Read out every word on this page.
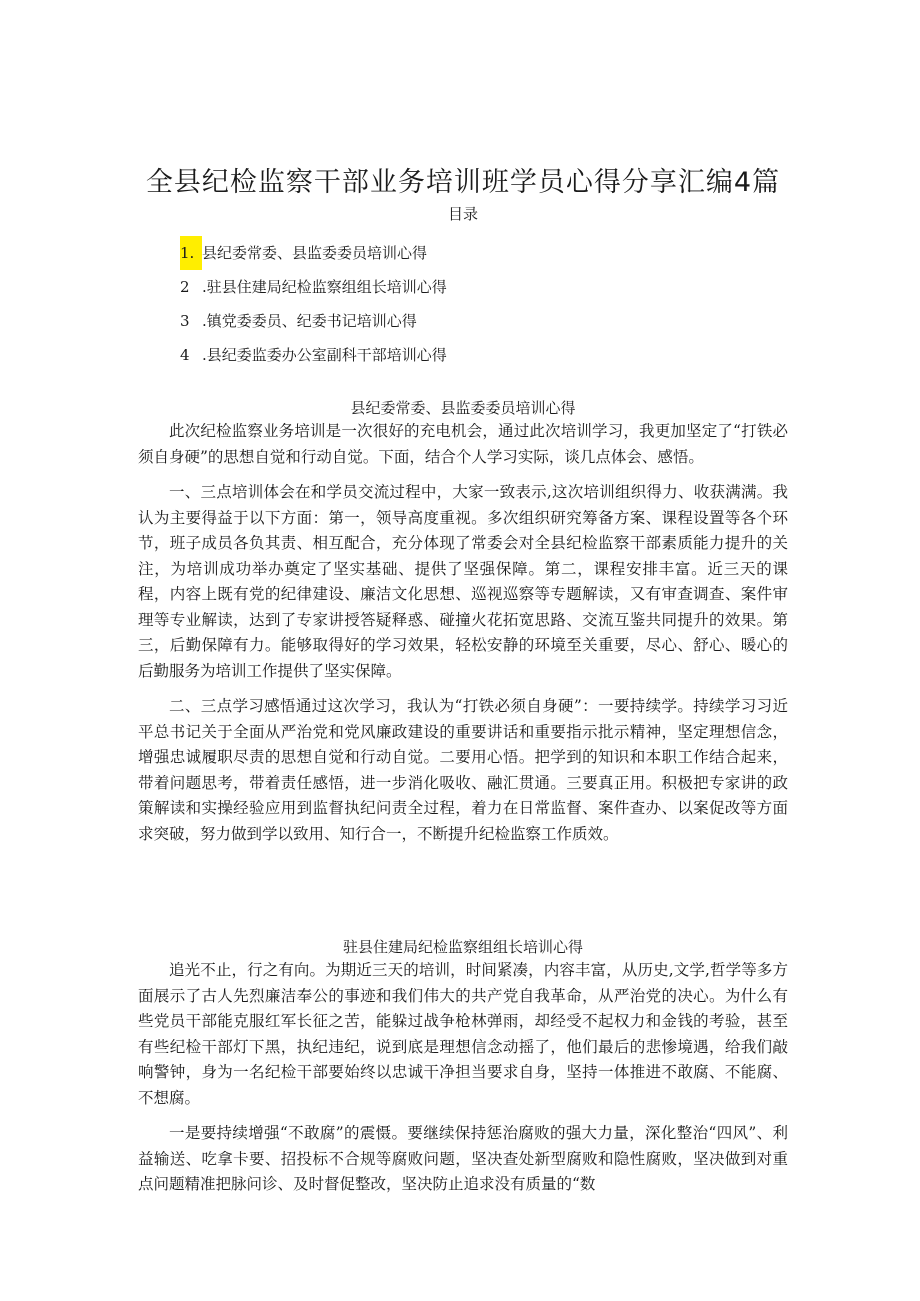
全县纪检监察干部业务培训班学员心得分享汇编4篇
目录
1. 县纪委常委、县监委委员培训心得
2 .驻县住建局纪检监察组组长培训心得
3 .镇党委委员、纪委书记培训心得
4 .县纪委监委办公室副科干部培训心得
县纪委常委、县监委委员培训心得

此次纪检监察业务培训是一次很好的充电机会，通过此次培训学习，我更加坚定了“打铁必须自身硬”的思想自觉和行动自觉。下面，结合个人学习实际，谈几点体会、感悟。

一、三点培训体会在和学员交流过程中，大家一致表示,这次培训组织得力、收获满满。我认为主要得益于以下方面：第一，领导高度重视。多次组织研究筹备方案、课程设置等各个环节，班子成员各负其责、相互配合，充分体现了常委会对全县纪检监察干部素质能力提升的关注，为培训成功举办奠定了坚实基础、提供了坚强保障。第二，课程安排丰富。近三天的课程，内容上既有党的纪律建设、廉洁文化思想、巡视巡察等专题解读，又有审查调查、案件审理等专业解读，达到了专家讲授答疑释惑、碰撞火花拓宽思路、交流互鉴共同提升的效果。第三，后勤保障有力。能够取得好的学习效果，轻松安静的环境至关重要，尽心、舒心、暖心的后勤服务为培训工作提供了坚实保障。

二、三点学习感悟通过这次学习，我认为“打铁必须自身硬”：一要持续学。持续学习习近平总书记关于全面从严治党和党风廉政建设的重要讲话和重要指示批示精神，坚定理想信念，增强忠诚履职尽责的思想自觉和行动自觉。二要用心悟。把学到的知识和本职工作结合起来，带着问题思考，带着责任感悟，进一步消化吸收、融汇贯通。三要真正用。积极把专家讲的政策解读和实操经验应用到监督执纪问责全过程，着力在日常监督、案件查办、以案促改等方面求突破，努力做到学以致用、知行合一，不断提升纪检监察工作质效。

驻县住建局纪检监察组组长培训心得

追光不止，行之有向。为期近三天的培训，时间紧凑，内容丰富，从历史,文学,哲学等多方面展示了古人先烈廉洁奉公的事迹和我们伟大的共产党自我革命，从严治党的决心。为什么有些党员干部能克服红军长征之苦，能躲过战争枪林弹雨，却经受不起权力和金钱的考验，甚至有些纪检干部灯下黑，执纪违纪，说到底是理想信念动摇了，他们最后的悲惨境遇，给我们敲响警钟，身为一名纪检干部要始终以忠诚干净担当要求自身，坚持一体推进不敢腐、不能腐、不想腐。

一是要持续增强“不敢腐”的震慑。要继续保持惩治腐败的强大力量，深化整治“四风”、利益输送、吃拿卡要、招投标不合规等腐败问题，坚决查处新型腐败和隐性腐败，坚决做到对重点问题精准把脉问诊、及时督促整改，坚决防止追求没有质量的“数
